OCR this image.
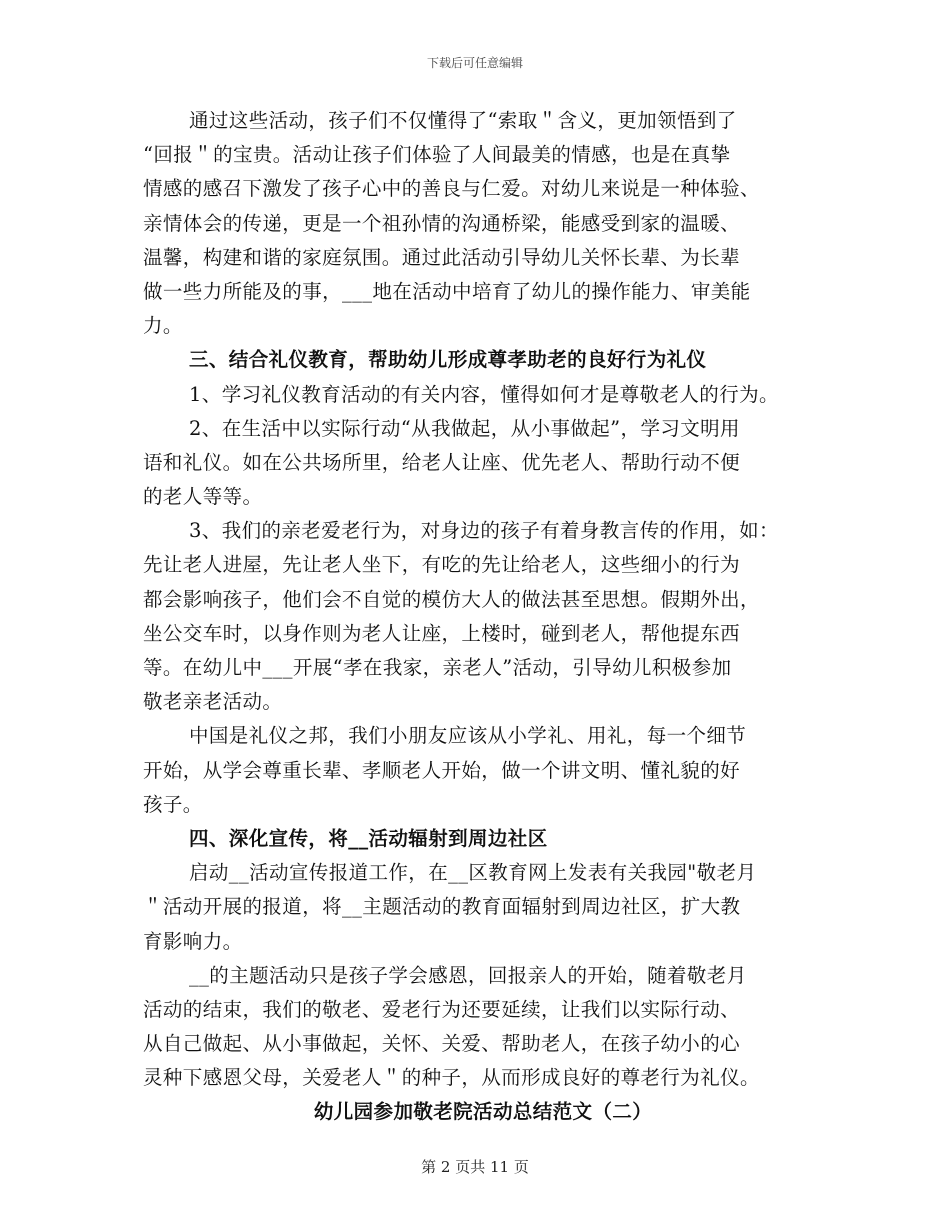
下载后可任意编辑
通过这些活动，孩子们不仅懂得了“索取＂含义，更加领悟到了
“回报＂的宝贵。活动让孩子们体验了人间最美的情感，也是在真挚
情感的感召下激发了孩子心中的善良与仁爱。对幼儿来说是一种体验、
亲情体会的传递，更是一个祖孙情的沟通桥梁，能感受到家的温暖、
温馨，构建和谐的家庭氛围。通过此活动引导幼儿关怀长辈、为长辈
做一些力所能及的事，___地在活动中培育了幼儿的操作能力、审美能
力。
三、结合礼仪教育，帮助幼儿形成尊孝助老的良好行为礼仪
1、学习礼仪教育活动的有关内容，懂得如何才是尊敬老人的行为。
2、在生活中以实际行动“从我做起，从小事做起”，学习文明用
语和礼仪。如在公共场所里，给老人让座、优先老人、帮助行动不便
的老人等等。
3、我们的亲老爱老行为，对身边的孩子有着身教言传的作用，如：
先让老人进屋，先让老人坐下，有吃的先让给老人，这些细小的行为
都会影响孩子，他们会不自觉的模仿大人的做法甚至思想。假期外出，
坐公交车时，以身作则为老人让座，上楼时，碰到老人，帮他提东西
等。在幼儿中___开展“孝在我家，亲老人”活动，引导幼儿积极参加
敬老亲老活动。
中国是礼仪之邦，我们小朋友应该从小学礼、用礼，每一个细节
开始，从学会尊重长辈、孝顺老人开始，做一个讲文明、懂礼貌的好
孩子。
四、深化宣传，将__活动辐射到周边社区
启动__活动宣传报道工作，在__区教育网上发表有关我园"敬老月
＂活动开展的报道，将__主题活动的教育面辐射到周边社区，扩大教
育影响力。
__的主题活动只是孩子学会感恩，回报亲人的开始，随着敬老月
活动的结束，我们的敬老、爱老行为还要延续，让我们以实际行动、
从自己做起、从小事做起，关怀、关爱、帮助老人，在孩子幼小的心
灵种下感恩父母，关爱老人＂的种子，从而形成良好的尊老行为礼仪。
幼儿园参加敬老院活动总结范文（二）
第 2 页共 11 页
